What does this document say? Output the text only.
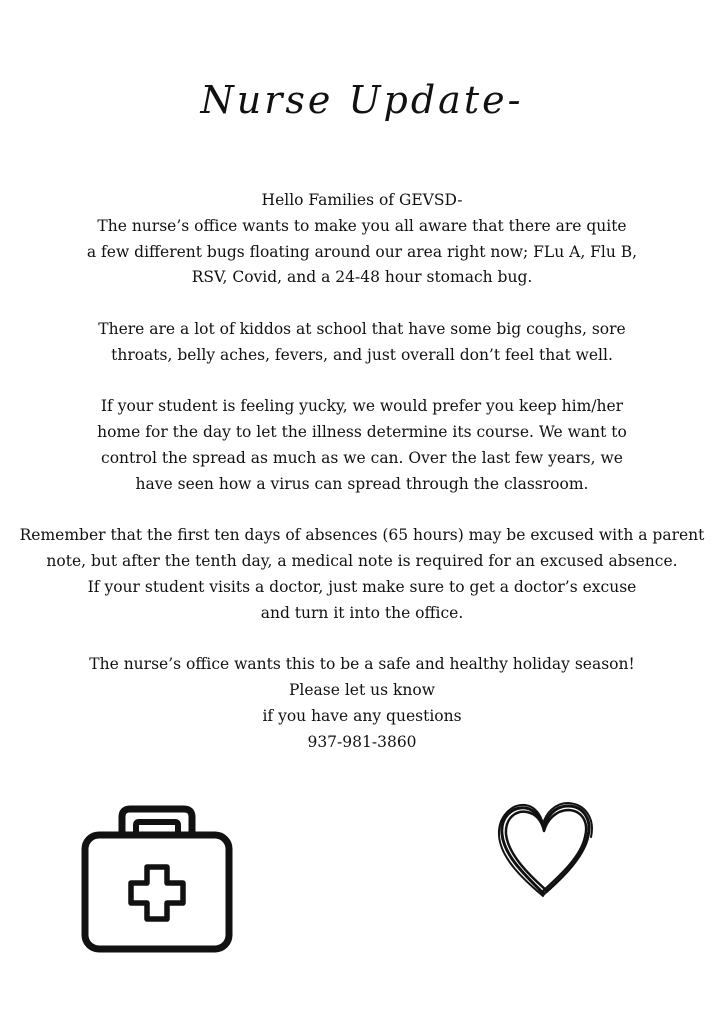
Nurse Update-
Hello Families of GEVSD-
The nurse’s office wants to make you all aware that there are quite
a few different bugs floating around our area right now; FLu A, Flu B,
RSV, Covid, and a 24-48 hour stomach bug.
There are a lot of kiddos at school that have some big coughs, sore
throats, belly aches, fevers, and just overall don’t feel that well.
If your student is feeling yucky, we would prefer you keep him/her
home for the day to let the illness determine its course. We want to
control the spread as much as we can. Over the last few years, we
have seen how a virus can spread through the classroom.
Remember that the first ten days of absences (65 hours) may be excused with a parent
note, but after the tenth day, a medical note is required for an excused absence.
If your student visits a doctor, just make sure to get a doctor’s excuse
and turn it into the office.
The nurse’s office wants this to be a safe and healthy holiday season!
Please let us know
if you have any questions
937-981-3860
